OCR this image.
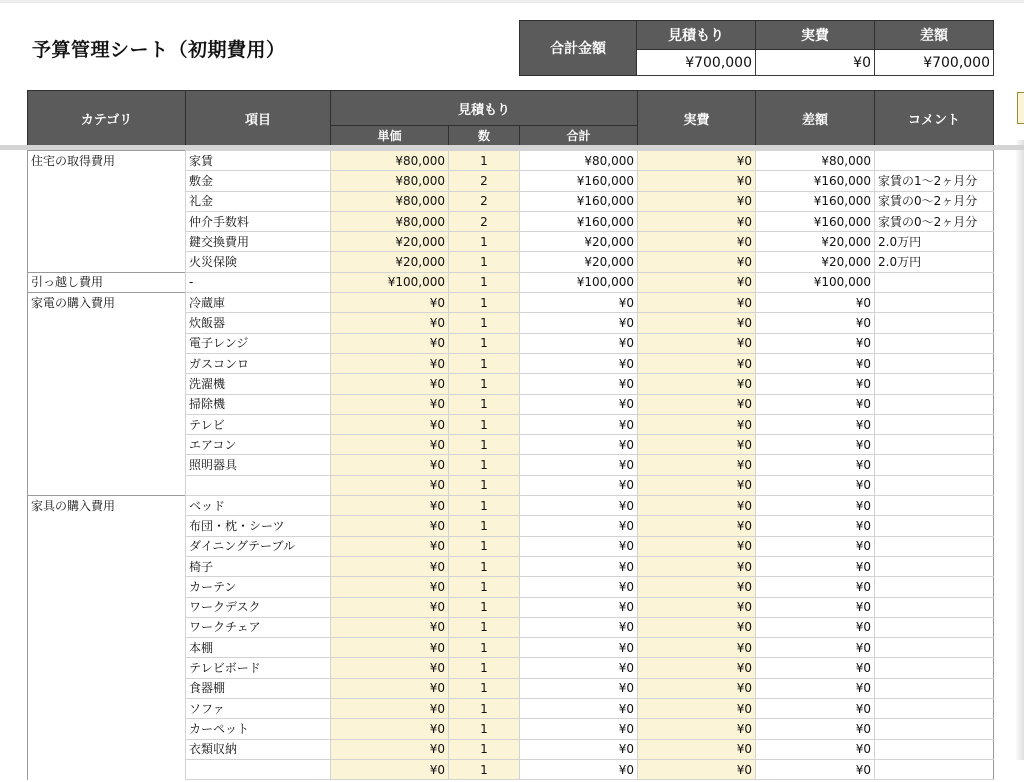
予算管理シート（初期費用）	合計金額	見積もり	実費	差額
	¥700,000	¥0	¥700,000
カテゴリ	項目	見積もり			実費	差額	コメント
		単価	数	合計			
住宅の取得費用	家賃	¥80,000	1	¥80,000	¥0	¥80,000	
	敷金	¥80,000	2	¥160,000	¥0	¥160,000	家賃の1〜2ヶ月分
	礼金	¥80,000	2	¥160,000	¥0	¥160,000	家賃の0〜2ヶ月分
	仲介手数料	¥80,000	2	¥160,000	¥0	¥160,000	家賃の0〜2ヶ月分
	鍵交換費用	¥20,000	1	¥20,000	¥0	¥20,000	2.0万円
	火災保険	¥20,000	1	¥20,000	¥0	¥20,000	2.0万円
引っ越し費用	-	¥100,000	1	¥100,000	¥0	¥100,000	
家電の購入費用	冷蔵庫	¥0	1	¥0	¥0	¥0	
	炊飯器	¥0	1	¥0	¥0	¥0	
	電子レンジ	¥0	1	¥0	¥0	¥0	
	ガスコンロ	¥0	1	¥0	¥0	¥0	
	洗濯機	¥0	1	¥0	¥0	¥0	
	掃除機	¥0	1	¥0	¥0	¥0	
	テレビ	¥0	1	¥0	¥0	¥0	
	エアコン	¥0	1	¥0	¥0	¥0	
	照明器具	¥0	1	¥0	¥0	¥0	
		¥0	1	¥0	¥0	¥0	
家具の購入費用	ベッド	¥0	1	¥0	¥0	¥0	
	布団・枕・シーツ	¥0	1	¥0	¥0	¥0	
	ダイニングテーブル	¥0	1	¥0	¥0	¥0	
	椅子	¥0	1	¥0	¥0	¥0	
	カーテン	¥0	1	¥0	¥0	¥0	
	ワークデスク	¥0	1	¥0	¥0	¥0	
	ワークチェア	¥0	1	¥0	¥0	¥0	
	本棚	¥0	1	¥0	¥0	¥0	
	テレビボード	¥0	1	¥0	¥0	¥0	
	食器棚	¥0	1	¥0	¥0	¥0	
	ソファ	¥0	1	¥0	¥0	¥0	
	カーペット	¥0	1	¥0	¥0	¥0	
	衣類収納	¥0	1	¥0	¥0	¥0	
		¥0	1	¥0	¥0	¥0	
